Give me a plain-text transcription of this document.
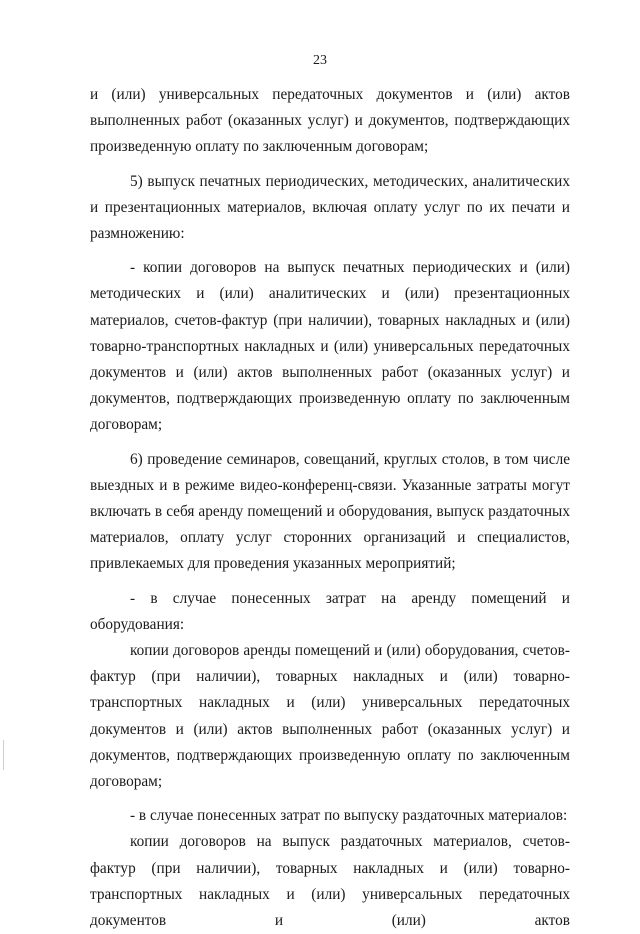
23

и (или) универсальных передаточных документов и (или) актов выполненных работ (оказанных услуг) и документов, подтверждающих произведенную оплату по заключенным договорам;

5) выпуск печатных периодических, методических, аналитических и презентационных материалов, включая оплату услуг по их печати и размножению:

- копии договоров на выпуск печатных периодических и (или) методических и (или) аналитических и (или) презентационных материалов, счетов-фактур (при наличии), товарных накладных и (или) товарно-транспортных накладных и (или) универсальных передаточных документов и (или) актов выполненных работ (оказанных услуг) и документов, подтверждающих произведенную оплату по заключенным договорам;

6) проведение семинаров, совещаний, круглых столов, в том числе выездных и в режиме видео-конференц-связи. Указанные затраты могут включать в себя аренду помещений и оборудования, выпуск раздаточных материалов, оплату услуг сторонних организаций и специалистов, привлекаемых для проведения указанных мероприятий;

- в случае понесенных затрат на аренду помещений и оборудования:

копии договоров аренды помещений и (или) оборудования, счетов-фактур (при наличии), товарных накладных и (или) товарно-транспортных накладных и (или) универсальных передаточных документов и (или) актов выполненных работ (оказанных услуг) и документов, подтверждающих произведенную оплату по заключенным договорам;

- в случае понесенных затрат по выпуску раздаточных материалов:

копии договоров на выпуск раздаточных материалов, счетов-фактур (при наличии), товарных накладных и (или) товарно-транспортных накладных и (или) универсальных передаточных документов и (или) актов
